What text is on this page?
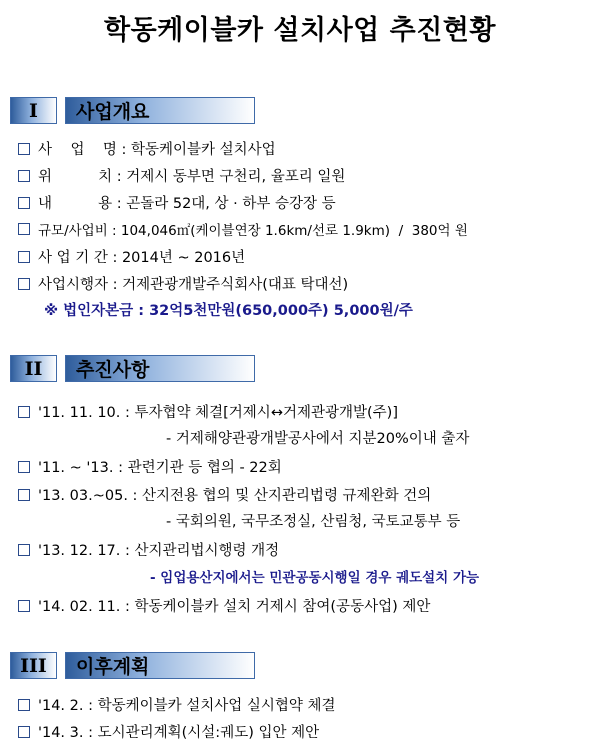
학동케이블카 설치사업 추진현황
I	사업개요
사    업    명 : 학동케이블카 설치사업
위          치 : 거제시 동부면 구천리, 율포리 일원
내          용 : 곤돌라 52대, 상 · 하부 승강장 등
규모/사업비 : 104,046㎡(케이블연장 1.6km/선로 1.9km)  /  380억 원
사 업 기 간 : 2014년 ~ 2016년
사업시행자 : 거제관광개발주식회사(대표 탁대선)
※ 법인자본금 : 32억5천만원(650,000주) 5,000원/주
II	추진사항
'11. 11. 10. : 투자협약 체결[거제시↔거제관광개발(주)]
- 거제해양관광개발공사에서 지분20%이내 출자
'11. ~ '13. : 관련기관 등 협의 - 22회
'13. 03.~05. : 산지전용 협의 및 산지관리법령 규제완화 건의
- 국회의원, 국무조정실, 산림청, 국토교통부 등
'13. 12. 17. : 산지관리법시행령 개정
- 임업용산지에서는 민관공동시행일 경우 궤도설치 가능
'14. 02. 11. : 학동케이블카 설치 거제시 참여(공동사업) 제안
III	이후계획
'14. 2. : 학동케이블카 설치사업 실시협약 체결
'14. 3. : 도시관리계획(시설:궤도) 입안 제안
